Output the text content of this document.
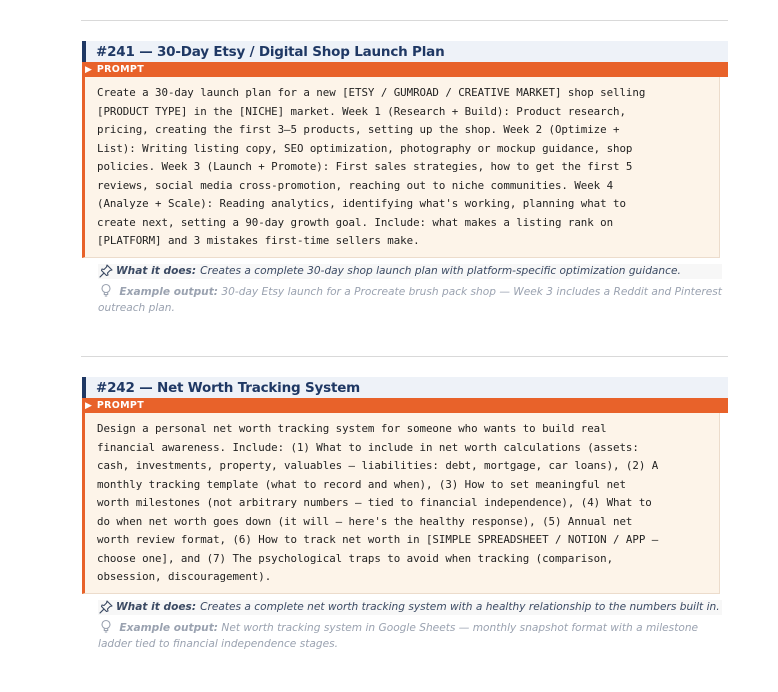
#241 — 30-Day Etsy / Digital Shop Launch Plan
▶ PROMPT
Create a 30-day launch plan for a new [ETSY / GUMROAD / CREATIVE MARKET] shop selling
[PRODUCT TYPE] in the [NICHE] market. Week 1 (Research + Build): Product research,
pricing, creating the first 3–5 products, setting up the shop. Week 2 (Optimize +
List): Writing listing copy, SEO optimization, photography or mockup guidance, shop
policies. Week 3 (Launch + Promote): First sales strategies, how to get the first 5
reviews, social media cross-promotion, reaching out to niche communities. Week 4
(Analyze + Scale): Reading analytics, identifying what's working, planning what to
create next, setting a 90-day growth goal. Include: what makes a listing rank on
[PLATFORM] and 3 mistakes first-time sellers make.
What it does: Creates a complete 30-day shop launch plan with platform-specific optimization guidance.
Example output: 30-day Etsy launch for a Procreate brush pack shop — Week 3 includes a Reddit and Pinterest outreach plan.
#242 — Net Worth Tracking System
▶ PROMPT
Design a personal net worth tracking system for someone who wants to build real
financial awareness. Include: (1) What to include in net worth calculations (assets:
cash, investments, property, valuables – liabilities: debt, mortgage, car loans), (2) A
monthly tracking template (what to record and when), (3) How to set meaningful net
worth milestones (not arbitrary numbers — tied to financial independence), (4) What to
do when net worth goes down (it will — here's the healthy response), (5) Annual net
worth review format, (6) How to track net worth in [SIMPLE SPREADSHEET / NOTION / APP —
choose one], and (7) The psychological traps to avoid when tracking (comparison,
obsession, discouragement).
What it does: Creates a complete net worth tracking system with a healthy relationship to the numbers built in.
Example output: Net worth tracking system in Google Sheets — monthly snapshot format with a milestone ladder tied to financial independence stages.
